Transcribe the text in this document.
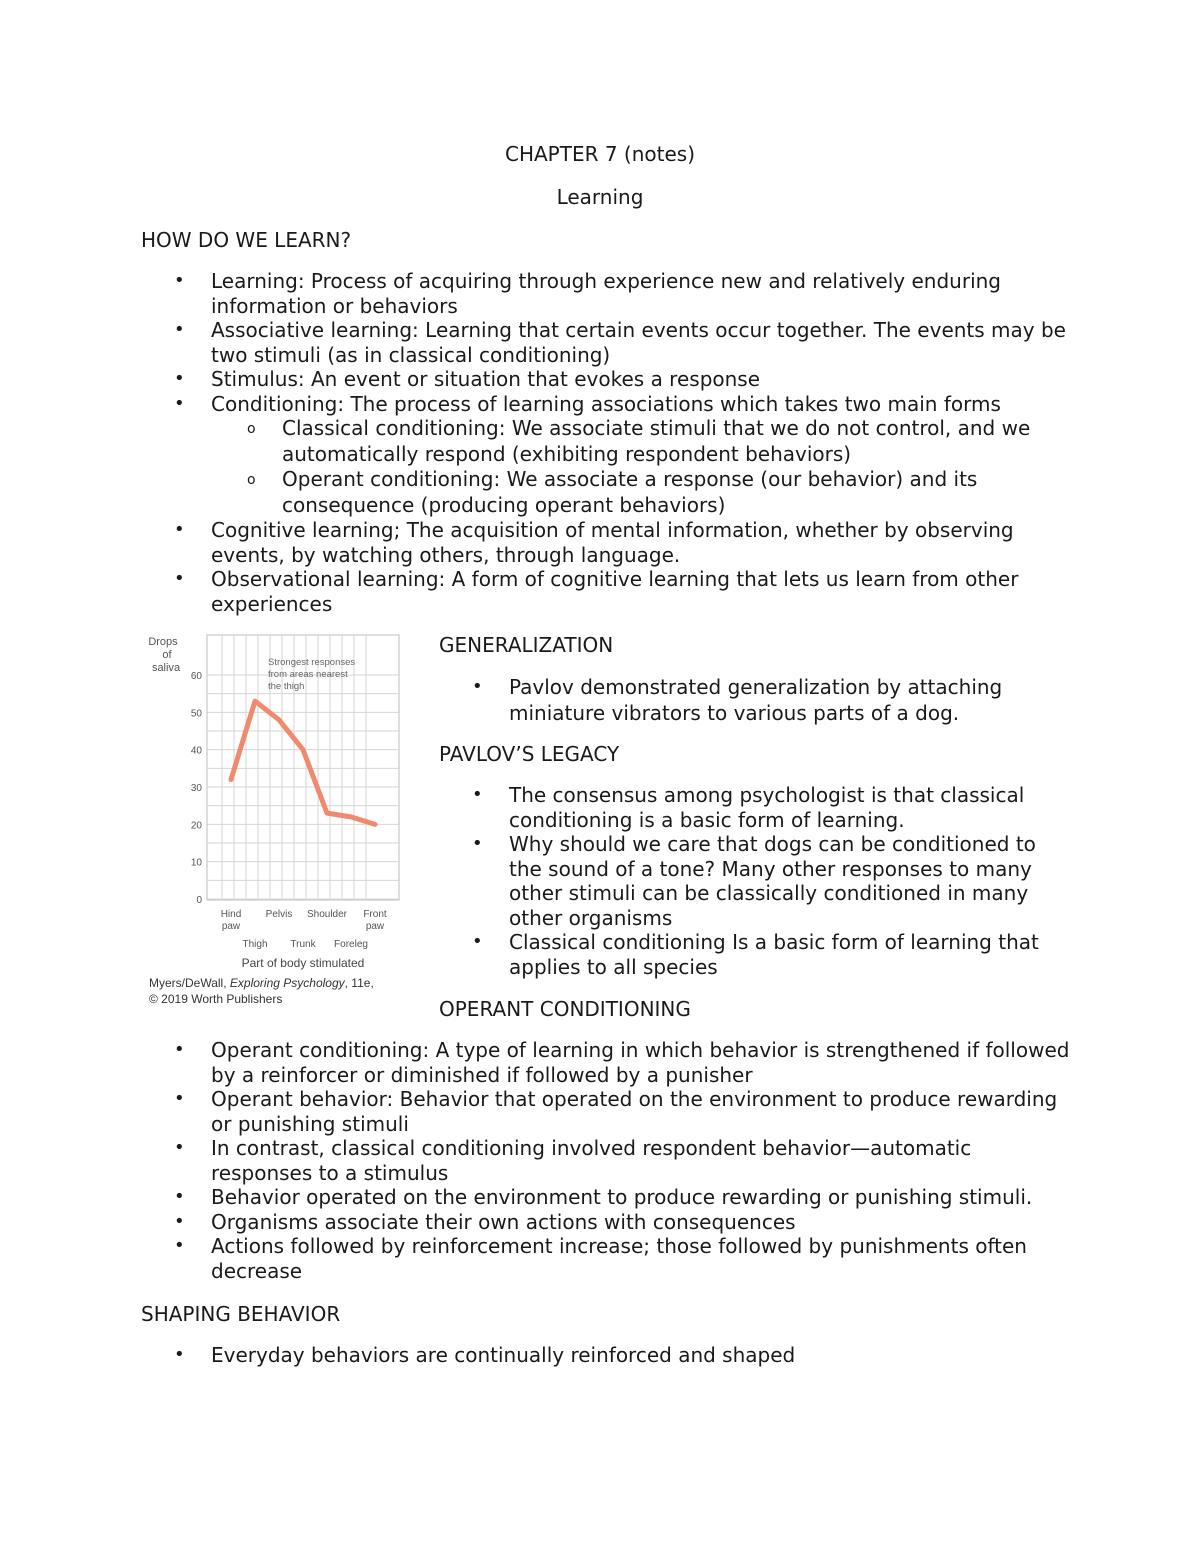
CHAPTER 7 (notes)
Learning
HOW DO WE LEARN?
• Learning: Process of acquiring through experience new and relatively enduring information or behaviors
• Associative learning: Learning that certain events occur together. The events may be two stimuli (as in classical conditioning)
• Stimulus: An event or situation that evokes a response
• Conditioning: The process of learning associations which takes two main forms
o Classical conditioning: We associate stimuli that we do not control, and we automatically respond (exhibiting respondent behaviors)
o Operant conditioning: We associate a response (our behavior) and its consequence (producing operant behaviors)
• Cognitive learning; The acquisition of mental information, whether by observing events, by watching others, through language.
• Observational learning: A form of cognitive learning that lets us learn from other experiences
Drops
of
saliva
0
10
20
30
40
50
60
Hind
paw
Thigh
Pelvis
Trunk
Shoulder
Foreleg
Front
paw
Strongest responses
from areas nearest
the thigh
Part of body stimulated
Myers/DeWall, Exploring Psychology, 11e,
© 2019 Worth Publishers
GENERALIZATION
• Pavlov demonstrated generalization by attaching miniature vibrators to various parts of a dog.
PAVLOV’S LEGACY
• The consensus among psychologist is that classical conditioning is a basic form of learning.
• Why should we care that dogs can be conditioned to the sound of a tone? Many other responses to many other stimuli can be classically conditioned in many other organisms
• Classical conditioning Is a basic form of learning that applies to all species
OPERANT CONDITIONING
• Operant conditioning: A type of learning in which behavior is strengthened if followed by a reinforcer or diminished if followed by a punisher
• Operant behavior: Behavior that operated on the environment to produce rewarding or punishing stimuli
• In contrast, classical conditioning involved respondent behavior—automatic responses to a stimulus
• Behavior operated on the environment to produce rewarding or punishing stimuli.
• Organisms associate their own actions with consequences
• Actions followed by reinforcement increase; those followed by punishments often decrease
SHAPING BEHAVIOR
• Everyday behaviors are continually reinforced and shaped
